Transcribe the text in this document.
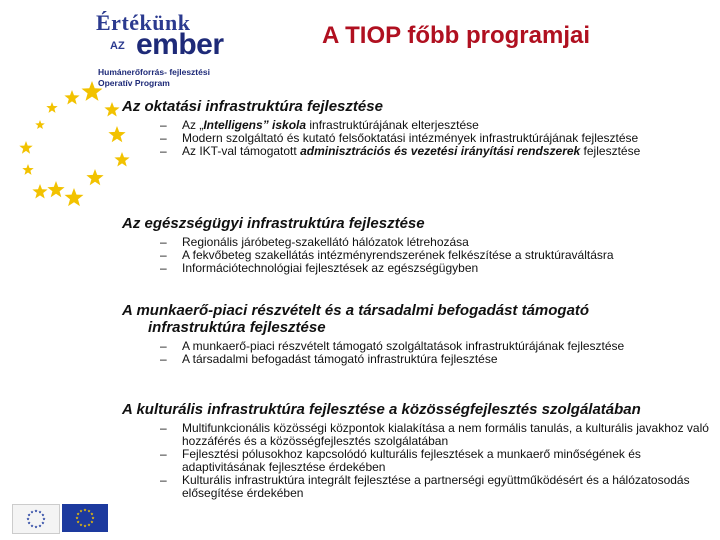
Értékünk
AZ ember
Humánerőforrás- fejlesztési
Operatív Program
A TIOP főbb programjai
Az oktatási infrastruktúra fejlesztése
– Az „Intelligens” iskola infrastruktúrájának elterjesztése
– Modern szolgáltató és kutató felsőoktatási intézmények infrastruktúrájának fejlesztése
– Az IKT-val támogatott adminisztrációs és vezetési irányítási rendszerek fejlesztése
Az egészségügyi infrastruktúra fejlesztése
– Regionális járóbeteg-szakellátó hálózatok létrehozása
– A fekvőbeteg szakellátás intézményrendszerének felkészítése a struktúraváltásra
– Információtechnológiai fejlesztések az egészségügyben
A munkaerő-piaci részvételt és a társadalmi befogadást támogató
infrastruktúra fejlesztése
– A munkaerő-piaci részvételt támogató szolgáltatások infrastruktúrájának fejlesztése
– A társadalmi befogadást támogató infrastruktúra fejlesztése
A kulturális infrastruktúra fejlesztése a közösségfejlesztés szolgálatában
– Multifunkcionális közösségi központok kialakítása a nem formális tanulás, a kulturális javakhoz való hozzáférés és a közösségfejlesztés szolgálatában
– Fejlesztési pólusokhoz kapcsolódó kulturális fejlesztések a munkaerő minőségének és adaptivitásának fejlesztése érdekében
– Kulturális infrastruktúra integrált fejlesztése a partnerségi együttműködésért és a hálózatosodás elősegítése érdekében
